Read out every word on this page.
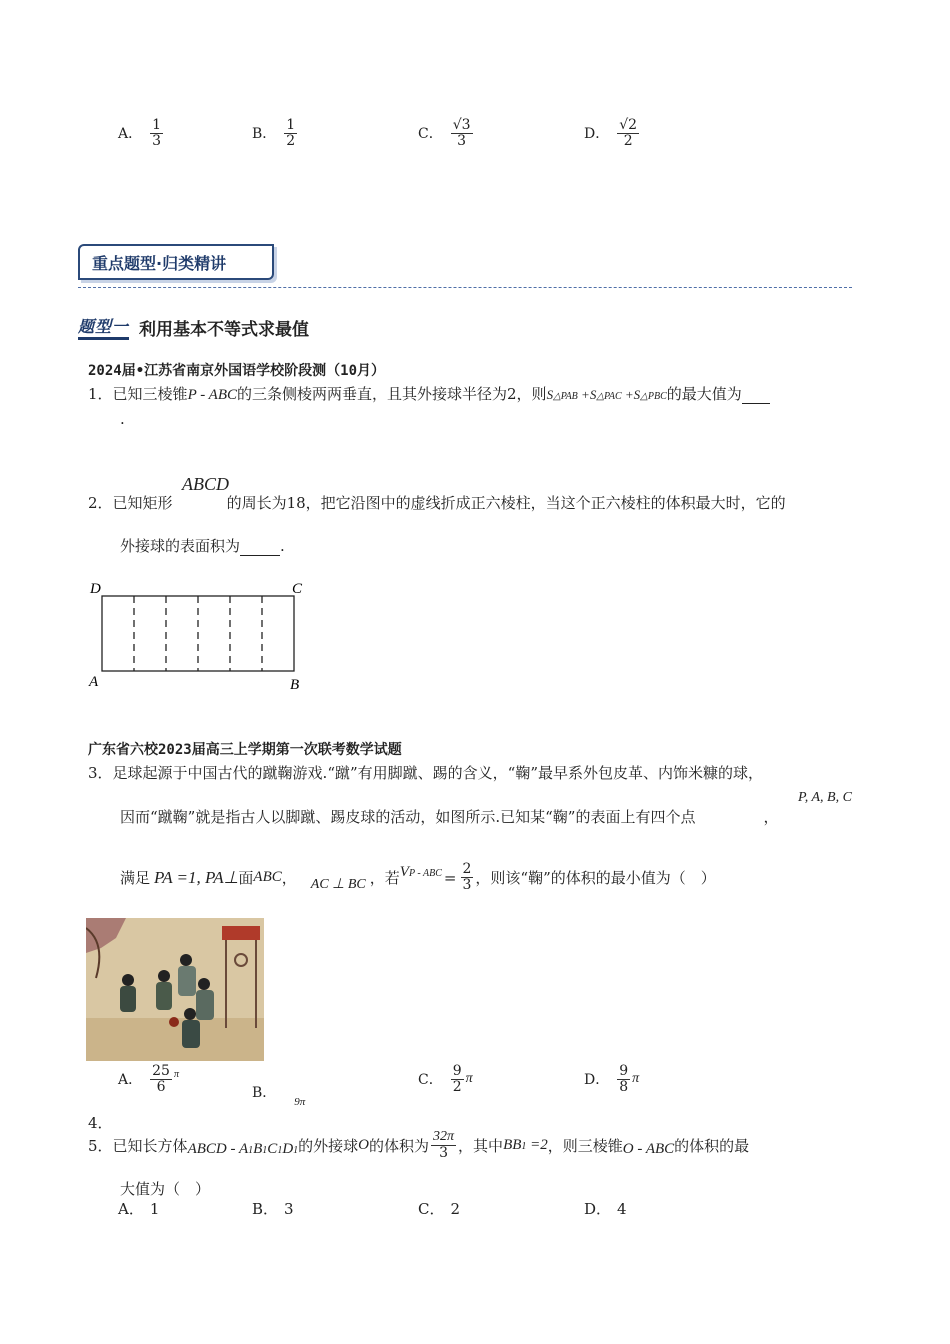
A． $\frac{1}{3}$	B． $\frac{1}{2}$	C． $\frac{√3}{3}$	D． $\frac{√2}{2}$
重点题型·归类精讲
题型一 利用基本不等式求最值
2024届•江苏省南京外国语学校阶段测（10月）
1．已知三棱锥P - ABC的三条侧棱两两垂直，且其外接球半径为2，则S△PAB +S△PAC +S△PBC的最大值为
.
ABCD
2．已知矩形	的周长为18，把它沿图中的虚线折成正六棱柱，当这个正六棱柱的体积最大时，它的
外接球的表面积为	.
D	C
A	B
广东省六校2023届高三上学期第一次联考数学试题
3．足球起源于中国古代的蹴鞠游戏.“蹴”有用脚蹴、踢的含义，“鞠”最早系外包皮革、内饰米糠的球，
P, A, B, C
因而“蹴鞠”就是指古人以脚蹴、踢皮球的活动，如图所示.已知某“鞠”的表面上有四个点	，
满足 PA =1, PA⊥ 面 ABC ， AC ⊥ BC ，若 VP - ABC = $\frac{2}{3}$ ，则该“鞠”的体积的最小值为（　）
A． $\frac{25}{6}$ π
B．
9π
C． $\frac{9}{2}$ π	D． $\frac{9}{8}$ π
4．
5． 已知长方体 ABCD - A1B1C1D1 的外接球 O 的体积为 $\frac{32\pi}{3}$ ，其中 BB1 =2 ，则三棱锥 O - ABC 的体积的最
大值为（　）
A． 1	B． 3	C． 2	D． 4
